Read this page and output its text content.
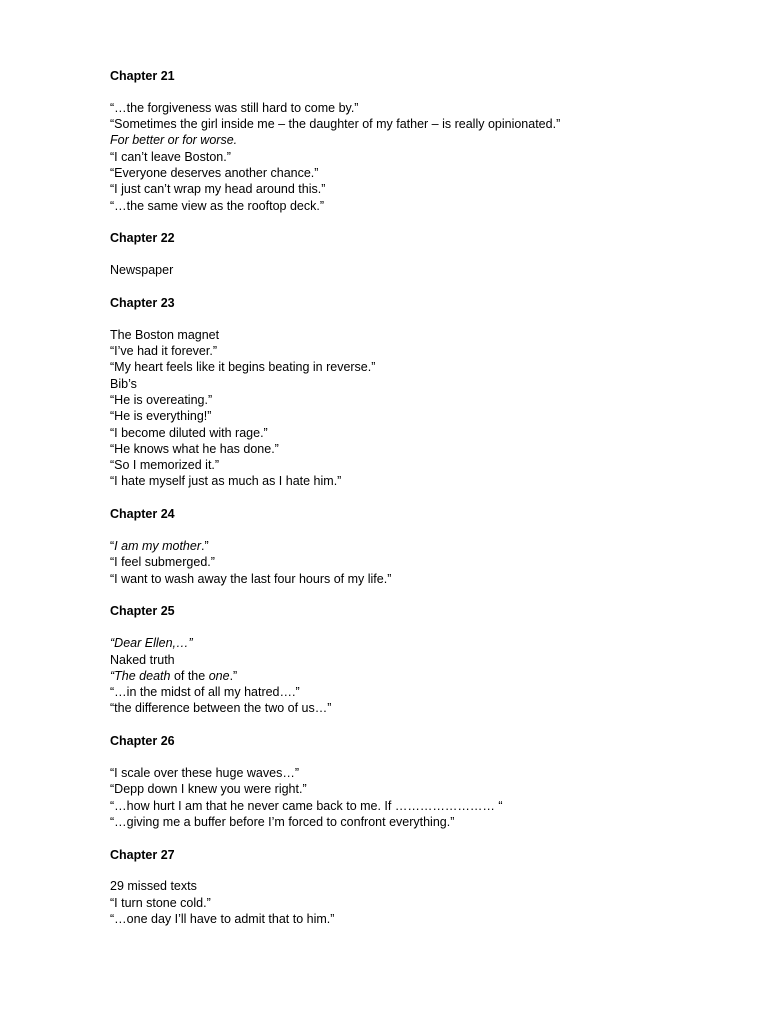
Chapter 21
“…the forgiveness was still hard to come by.”
“Sometimes the girl inside me – the daughter of my father – is really opinionated.”
For better or for worse.
“I can’t leave Boston.”
“Everyone deserves another chance.”
“I just can’t wrap my head around this.”
“…the same view as the rooftop deck.”
Chapter 22
Newspaper
Chapter 23
The Boston magnet
“I’ve had it forever.”
“My heart feels like it begins beating in reverse.”
Bib’s
“He is overeating.”
“He is everything!”
“I become diluted with rage.”
“He knows what he has done.”
“So I memorized it.”
“I hate myself just as much as I hate him.”
Chapter 24
“I am my mother.”
“I feel submerged.”
“I want to wash away the last four hours of my life.”
Chapter 25
“Dear Ellen,…”
Naked truth
“The death of the one.”
“…in the midst of all my hatred….”
“the difference between the two of us…”
Chapter 26
“I scale over these huge waves…”
“Depp down I knew you were right.”
“…how hurt I am that he never came back to me. If …………………… “
“…giving me a buffer before I’m forced to confront everything.”
Chapter 27
29 missed texts
“I turn stone cold.”
“…one day I’ll have to admit that to him.”
